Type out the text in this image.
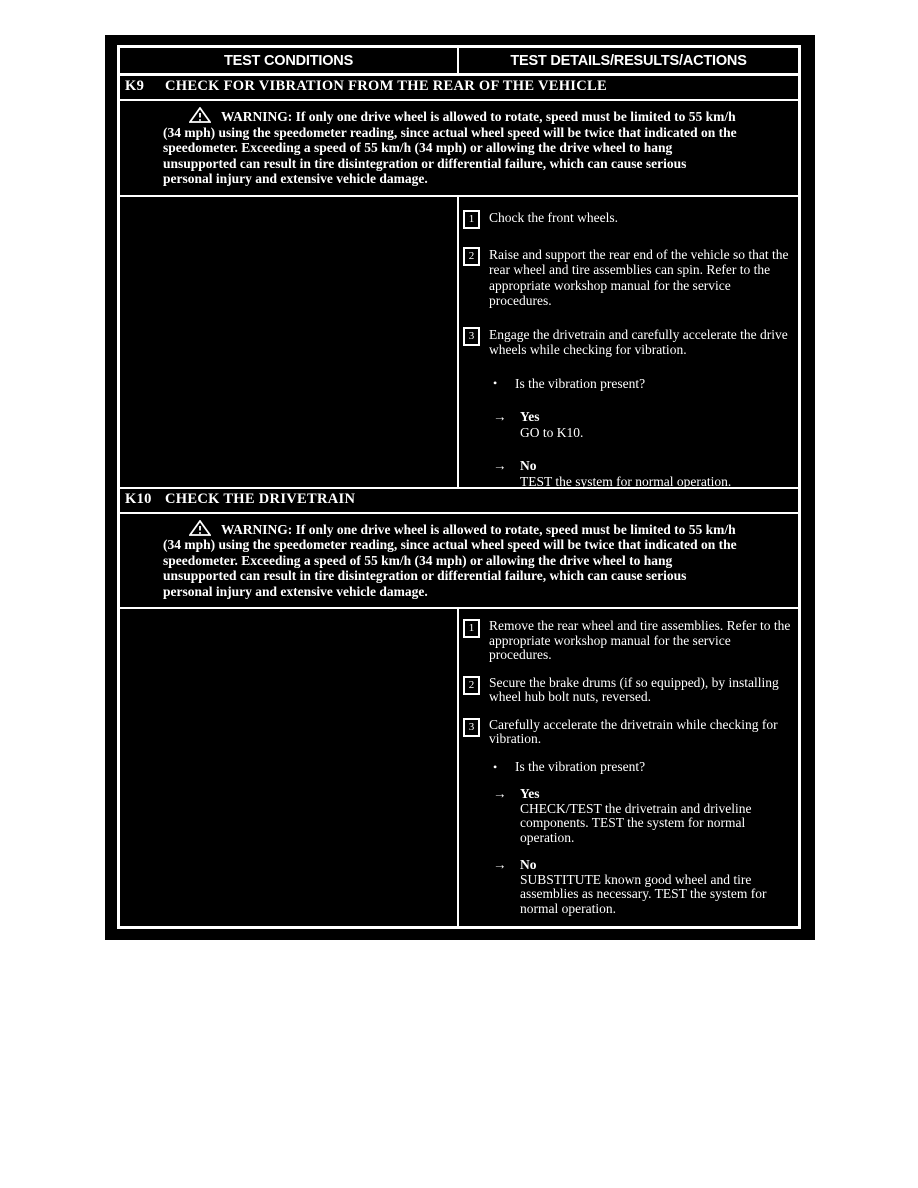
TEST CONDITIONS	TEST DETAILS/RESULTS/ACTIONS
K9	CHECK FOR VIBRATION FROM THE REAR OF THE VEHICLE

WARNING: If only one drive wheel is allowed to rotate, speed must be limited to 55 km/h (34 mph) using the speedometer reading, since actual wheel speed will be twice that indicated on the speedometer. Exceeding a speed of 55 km/h (34 mph) or allowing the drive wheel to hang unsupported can result in tire disintegration or differential failure, which can cause serious personal injury and extensive vehicle damage.

1	Chock the front wheels.
2	Raise and support the rear end of the vehicle so that the rear wheel and tire assemblies can spin. Refer to the appropriate workshop manual for the service procedures.
3	Engage the drivetrain and carefully accelerate the drive wheels while checking for vibration.
•	Is the vibration present?
→	Yes
GO to K10.
→	No
TEST the system for normal operation.
K10 CHECK THE DRIVETRAIN

WARNING: If only one drive wheel is allowed to rotate, speed must be limited to 55 km/h (34 mph) using the speedometer reading, since actual wheel speed will be twice that indicated on the speedometer. Exceeding a speed of 55 km/h (34 mph) or allowing the drive wheel to hang unsupported can result in tire disintegration or differential failure, which can cause serious personal injury and extensive vehicle damage.

1	Remove the rear wheel and tire assemblies. Refer to the appropriate workshop manual for the service procedures.
2	Secure the brake drums (if so equipped), by installing wheel hub bolt nuts, reversed.
3	Carefully accelerate the drivetrain while checking for vibration.
•	Is the vibration present?
→	Yes
CHECK/TEST the drivetrain and driveline components. TEST the system for normal operation.
→	No
SUBSTITUTE known good wheel and tire assemblies as necessary. TEST the system for normal operation.
